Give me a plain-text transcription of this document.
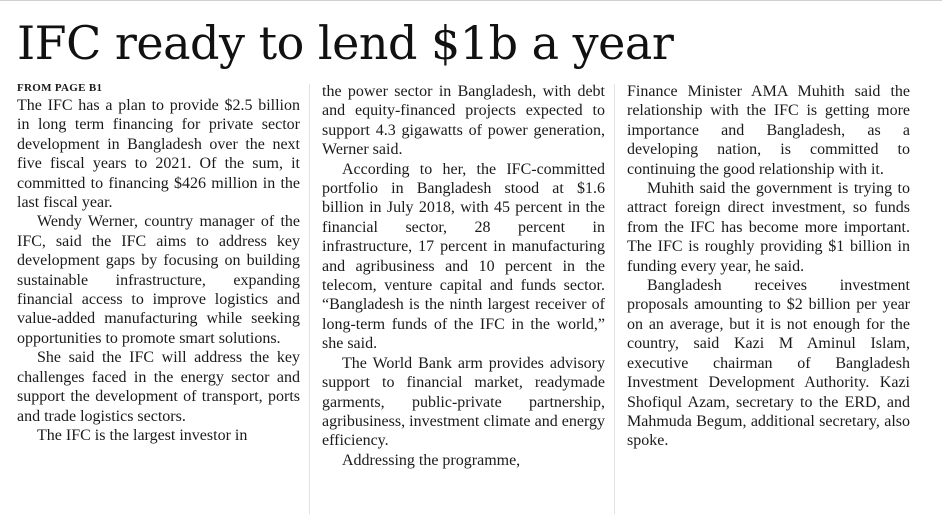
IFC ready to lend $1b a year
FROM PAGE B1

The IFC has a plan to provide $2.5 billion in long term financing for private sector development in Bangladesh over the next five fiscal years to 2021. Of the sum, it committed to financing $426 million in the last fiscal year.

Wendy Werner, country manager of the IFC, said the IFC aims to address key development gaps by focusing on building sustainable infrastructure, expanding financial access to improve logistics and value-added manufacturing while seeking opportunities to promote smart solutions.

She said the IFC will address the key challenges faced in the energy sector and support the development of transport, ports and trade logistics sectors.

The IFC is the largest investor in

the power sector in Bangladesh, with debt and equity-financed projects expected to support 4.3 gigawatts of power generation, Werner said.

According to her, the IFC-committed portfolio in Bangladesh stood at $1.6 billion in July 2018, with 45 percent in the financial sector, 28 percent in infrastructure, 17 percent in manufacturing and agribusiness and 10 percent in the telecom, venture capital and funds sector. “Bangladesh is the ninth largest receiver of long-term funds of the IFC in the world,” she said.

The World Bank arm provides advisory support to financial market, readymade garments, public-private partnership, agribusiness, investment climate and energy efficiency.

Addressing the programme,

Finance Minister AMA Muhith said the relationship with the IFC is getting more importance and Bangladesh, as a developing nation, is committed to continuing the good relationship with it.

Muhith said the government is trying to attract foreign direct investment, so funds from the IFC has become more important. The IFC is roughly providing $1 billion in funding every year, he said.

Bangladesh receives investment proposals amounting to $2 billion per year on an average, but it is not enough for the country, said Kazi M Aminul Islam, executive chairman of Bangladesh Investment Development Authority. Kazi Shofiqul Azam, secretary to the ERD, and Mahmuda Begum, additional secretary, also spoke.
